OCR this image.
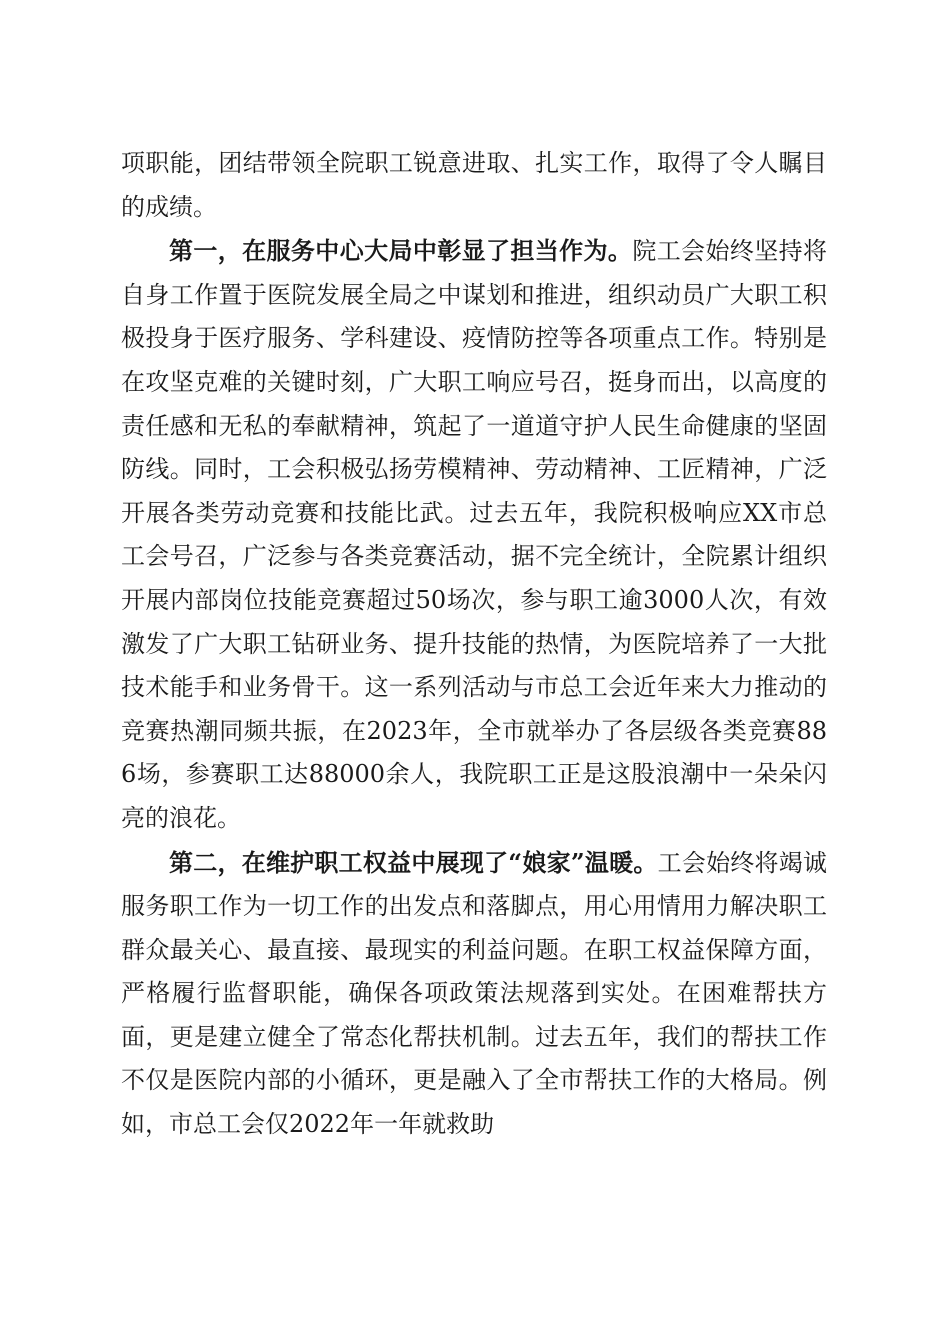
项职能，团结带领全院职工锐意进取、扎实工作，取得了令人瞩目的成绩。

第一，在服务中心大局中彰显了担当作为。院工会始终坚持将自身工作置于医院发展全局之中谋划和推进，组织动员广大职工积极投身于医疗服务、学科建设、疫情防控等各项重点工作。特别是在攻坚克难的关键时刻，广大职工响应号召，挺身而出，以高度的责任感和无私的奉献精神，筑起了一道道守护人民生命健康的坚固防线。同时，工会积极弘扬劳模精神、劳动精神、工匠精神，广泛开展各类劳动竞赛和技能比武。过去五年，我院积极响应XX市总工会号召，广泛参与各类竞赛活动，据不完全统计，全院累计组织开展内部岗位技能竞赛超过50场次，参与职工逾3000人次，有效激发了广大职工钻研业务、提升技能的热情，为医院培养了一大批技术能手和业务骨干。这一系列活动与市总工会近年来大力推动的竞赛热潮同频共振，在2023年，全市就举办了各层级各类竞赛886场，参赛职工达88000余人，我院职工正是这股浪潮中一朵朵闪亮的浪花。

第二，在维护职工权益中展现了“娘家”温暖。工会始终将竭诚服务职工作为一切工作的出发点和落脚点，用心用情用力解决职工群众最关心、最直接、最现实的利益问题。在职工权益保障方面，严格履行监督职能，确保各项政策法规落到实处。在困难帮扶方面，更是建立健全了常态化帮扶机制。过去五年，我们的帮扶工作不仅是医院内部的小循环，更是融入了全市帮扶工作的大格局。例如，市总工会仅2022年一年就救助
